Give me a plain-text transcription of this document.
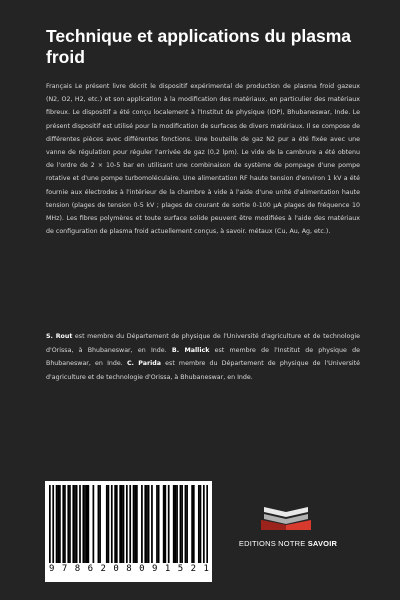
Technique et applications du plasma froid

Français Le présent livre décrit le dispositif expérimental de production de plasma froid gazeux (N2, O2, H2, etc.) et son application à la modification des matériaux, en particulier des matériaux fibreux. Le dispositif a été conçu localement à l'Institut de physique (IOP), Bhubaneswar, Inde. Le présent dispositif est utilisé pour la modification de surfaces de divers matériaux. Il se compose de différentes pièces avec différentes fonctions. Une bouteille de gaz N2 pur a été fixée avec une vanne de régulation pour réguler l'arrivée de gaz (0,2 lpm). Le vide de la cambrure a été obtenu de l'ordre de 2 × 10-5 bar en utilisant une combinaison de système de pompage d'une pompe rotative et d'une pompe turbomoléculaire. Une alimentation RF haute tension d'environ 1 kV a été fournie aux électrodes à l'intérieur de la chambre à vide à l'aide d'une unité d'alimentation haute tension (plages de tension 0-5 kV ; plages de courant de sortie 0-100 µA plages de fréquence 10 MHz). Les fibres polymères et toute surface solide peuvent être modifiées à l'aide des matériaux de configuration de plasma froid actuellement conçus, à savoir. métaux (Cu, Au, Ag, etc.).

S. Rout est membre du Département de physique de l'Université d'agriculture et de technologie d'Orissa, à Bhubaneswar, en Inde. B. Mallick est membre de l'Institut de physique de Bhubaneswar, en Inde. C. Parida est membre du Département de physique de l'Université d'agriculture et de technologie d'Orissa, à Bhubaneswar, en Inde.

9 7 8 6 2 0 8 0 9 1 5 2 1
EDITIONS NOTRE SAVOIR
